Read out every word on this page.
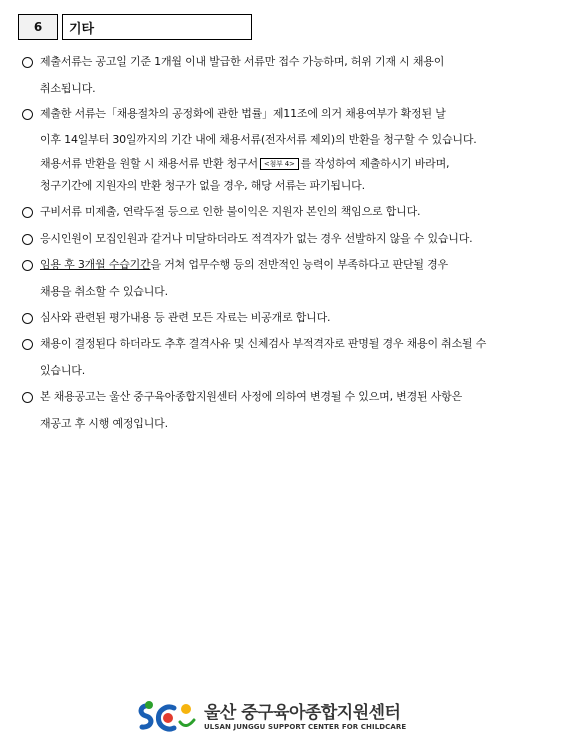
6	기타
제출서류는 공고일 기준 1개월 이내 발급한 서류만 접수 가능하며, 허위 기재 시 채용이
취소됩니다.
제출한 서류는「채용절차의 공정화에 관한 법률」제11조에 의거 채용여부가 확정된 날
이후 14일부터 30일까지의 기간 내에 채용서류(전자서류 제외)의 반환을 청구할 수 있습니다.
채용서류 반환을 원할 시 채용서류 반환 청구서 <첨부 4> 를 작성하여 제출하시기 바라며,
청구기간에 지원자의 반환 청구가 없을 경우, 해당 서류는 파기됩니다.
구비서류 미제출, 연락두절 등으로 인한 불이익은 지원자 본인의 책임으로 합니다.
응시인원이 모집인원과 같거나 미달하더라도 적격자가 없는 경우 선발하지 않을 수 있습니다.
임용 후 3개월 수습기간을 거쳐 업무수행 등의 전반적인 능력이 부족하다고 판단될 경우
채용을 취소할 수 있습니다.
심사와 관련된 평가내용 등 관련 모든 자료는 비공개로 합니다.
채용이 결정된다 하더라도 추후 결격사유 및 신체검사 부적격자로 판명될 경우 채용이 취소될 수
있습니다.
본 채용공고는 울산 중구육아종합지원센터 사정에 의하여 변경될 수 있으며, 변경된 사항은
재공고 후 시행 예정입니다.
울산 중구육아종합지원센터
ULSAN JUNGGU SUPPORT CENTER FOR CHILDCARE
